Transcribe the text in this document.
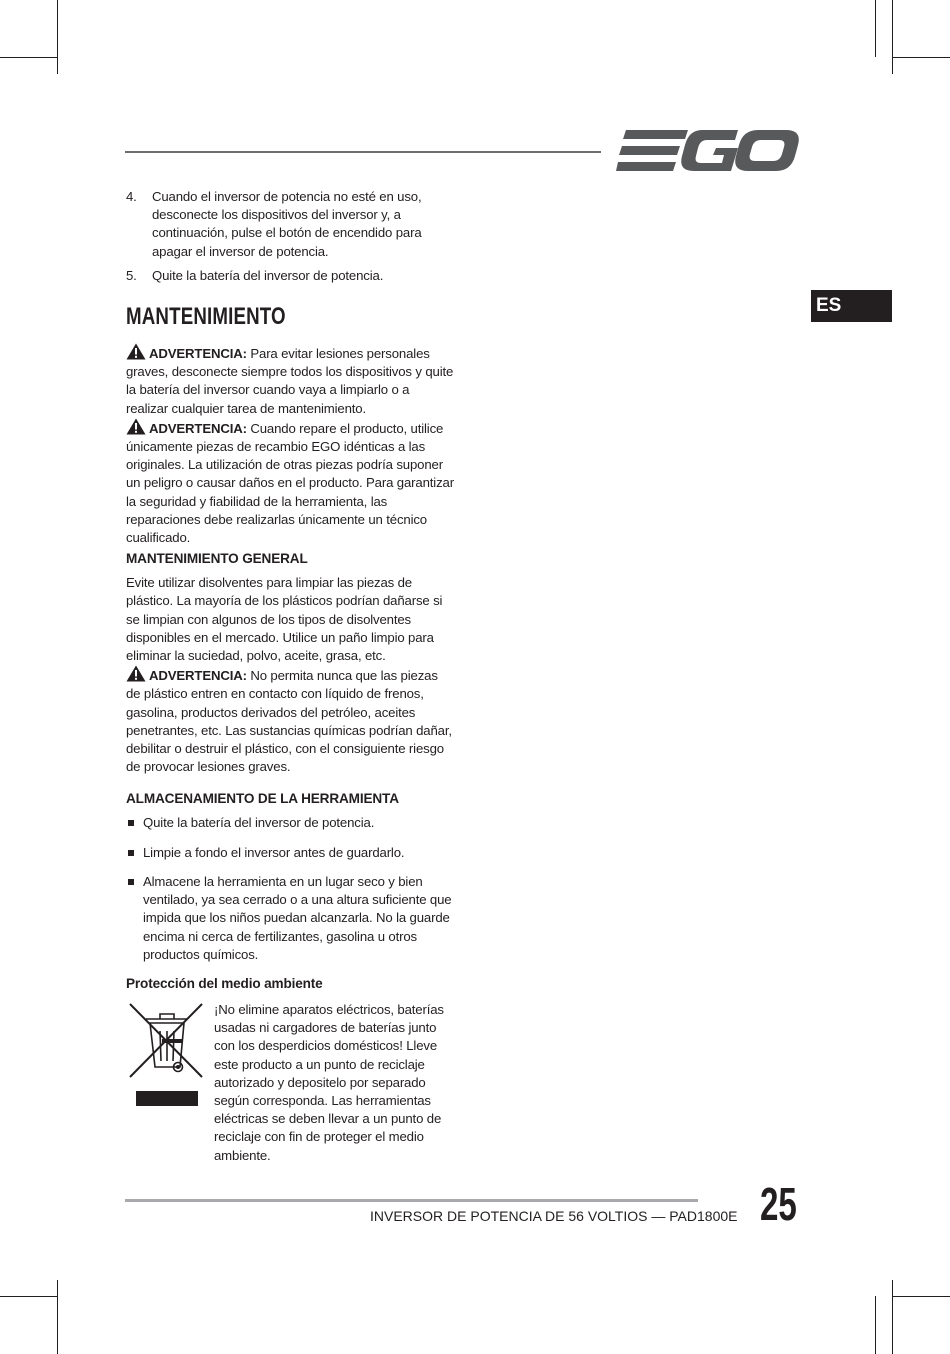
ES
4.	Cuando el inversor de potencia no esté en uso, desconecte los dispositivos del inversor y, a continuación, pulse el botón de encendido para apagar el inversor de potencia.
5.	Quite la batería del inversor de potencia.
MANTENIMIENTO

ADVERTENCIA: Para evitar lesiones personales graves, desconecte siempre todos los dispositivos y quite la batería del inversor cuando vaya a limpiarlo o a realizar cualquier tarea de mantenimiento.

ADVERTENCIA: Cuando repare el producto, utilice únicamente piezas de recambio EGO idénticas a las originales. La utilización de otras piezas podría suponer un peligro o causar daños en el producto. Para garantizar la seguridad y fiabilidad de la herramienta, las reparaciones debe realizarlas únicamente un técnico cualificado.

MANTENIMIENTO GENERAL

Evite utilizar disolventes para limpiar las piezas de plástico. La mayoría de los plásticos podrían dañarse si se limpian con algunos de los tipos de disolventes disponibles en el mercado. Utilice un paño limpio para eliminar la suciedad, polvo, aceite, grasa, etc.

ADVERTENCIA: No permita nunca que las piezas de plástico entren en contacto con líquido de frenos, gasolina, productos derivados del petróleo, aceites penetrantes, etc. Las sustancias químicas podrían dañar, debilitar o destruir el plástico, con el consiguiente riesgo de provocar lesiones graves.

ALMACENAMIENTO DE LA HERRAMIENTA
Quite la batería del inversor de potencia.
Limpie a fondo el inversor antes de guardarlo.
Almacene la herramienta en un lugar seco y bien ventilado, ya sea cerrado o a una altura suficiente que impida que los niños puedan alcanzarla. No la guarde encima ni cerca de fertilizantes, gasolina u otros productos químicos.
Protección del medio ambiente

¡No elimine aparatos eléctricos, baterías usadas ni cargadores de baterías junto con los desperdicios domésticos! Lleve este producto a un punto de reciclaje autorizado y depositelo por separado según corresponda. Las herramientas eléctricas se deben llevar a un punto de reciclaje con fin de proteger el medio ambiente.

INVERSOR DE POTENCIA DE 56 VOLTIOS — PAD1800E 25
